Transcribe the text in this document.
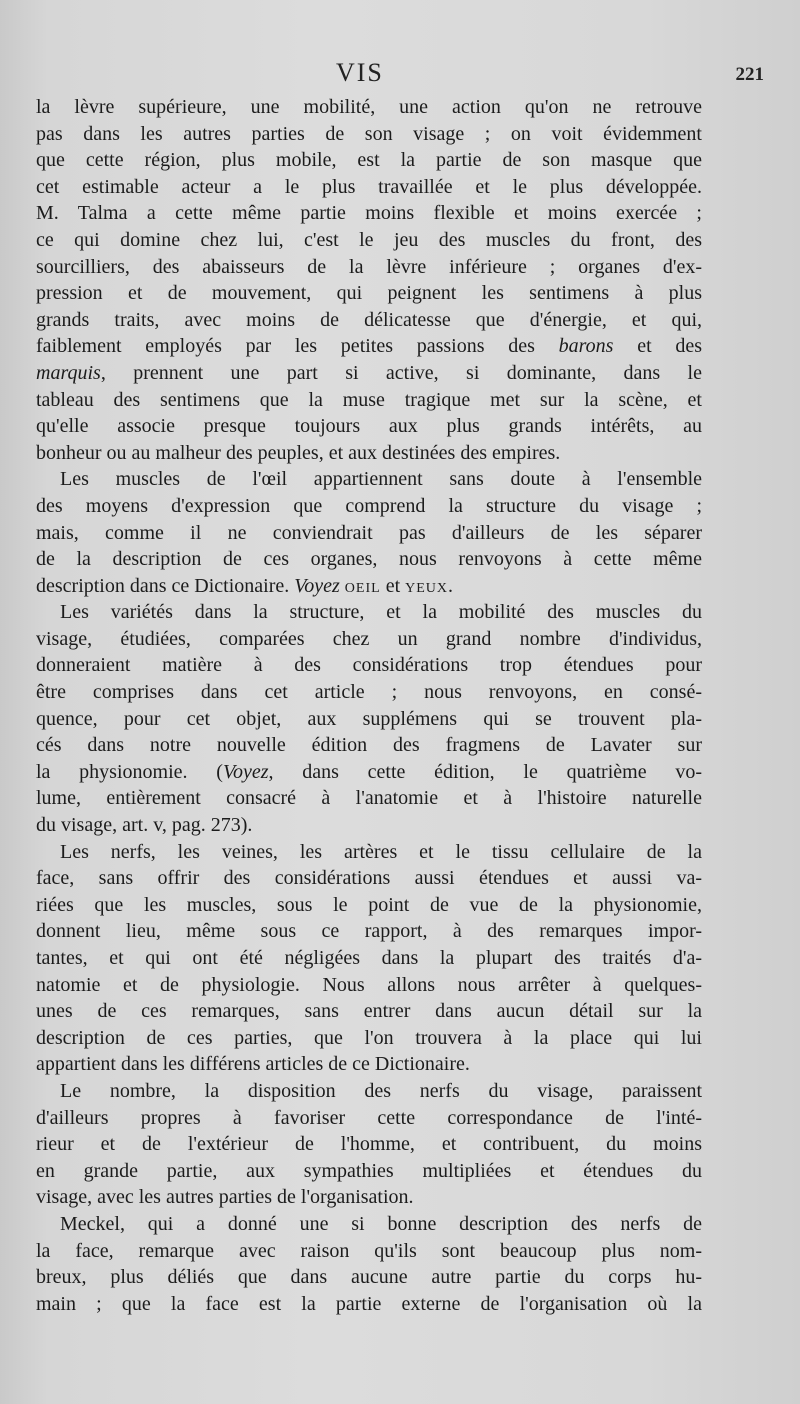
VIS	221
la lèvre supérieure, une mobilité, une action qu'on ne retrouve
pas dans les autres parties de son visage ; on voit évidemment
que cette région, plus mobile, est la partie de son masque que
cet estimable acteur a le plus travaillée et le plus développée.
M. Talma a cette même partie moins flexible et moins exercée ;
ce qui domine chez lui, c'est le jeu des muscles du front, des
sourcilliers, des abaisseurs de la lèvre inférieure ; organes d'ex-
pression et de mouvement, qui peignent les sentimens à plus
grands traits, avec moins de délicatesse que d'énergie, et qui,
faiblement employés par les petites passions des barons et des
marquis, prennent une part si active, si dominante, dans le
tableau des sentimens que la muse tragique met sur la scène, et
qu'elle associe presque toujours aux plus grands intérêts, au
bonheur ou au malheur des peuples, et aux destinées des empires.
Les muscles de l'œil appartiennent sans doute à l'ensemble
des moyens d'expression que comprend la structure du visage ;
mais, comme il ne conviendrait pas d'ailleurs de les séparer
de la description de ces organes, nous renvoyons à cette même
description dans ce Dictionaire. Voyez oeil et yeux.
Les variétés dans la structure, et la mobilité des muscles du
visage, étudiées, comparées chez un grand nombre d'individus,
donneraient matière à des considérations trop étendues pour
être comprises dans cet article ; nous renvoyons, en consé-
quence, pour cet objet, aux supplémens qui se trouvent pla-
cés dans notre nouvelle édition des fragmens de Lavater sur
la physionomie. (Voyez, dans cette édition, le quatrième vo-
lume, entièrement consacré à l'anatomie et à l'histoire naturelle
du visage, art. v, pag. 273).
Les nerfs, les veines, les artères et le tissu cellulaire de la
face, sans offrir des considérations aussi étendues et aussi va-
riées que les muscles, sous le point de vue de la physionomie,
donnent lieu, même sous ce rapport, à des remarques impor-
tantes, et qui ont été négligées dans la plupart des traités d'a-
natomie et de physiologie. Nous allons nous arrêter à quelques-
unes de ces remarques, sans entrer dans aucun détail sur la
description de ces parties, que l'on trouvera à la place qui lui
appartient dans les différens articles de ce Dictionaire.
Le nombre, la disposition des nerfs du visage, paraissent
d'ailleurs propres à favoriser cette correspondance de l'inté-
rieur et de l'extérieur de l'homme, et contribuent, du moins
en grande partie, aux sympathies multipliées et étendues du
visage, avec les autres parties de l'organisation.
Meckel, qui a donné une si bonne description des nerfs de
la face, remarque avec raison qu'ils sont beaucoup plus nom-
breux, plus déliés que dans aucune autre partie du corps hu-
main ; que la face est la partie externe de l'organisation où la
